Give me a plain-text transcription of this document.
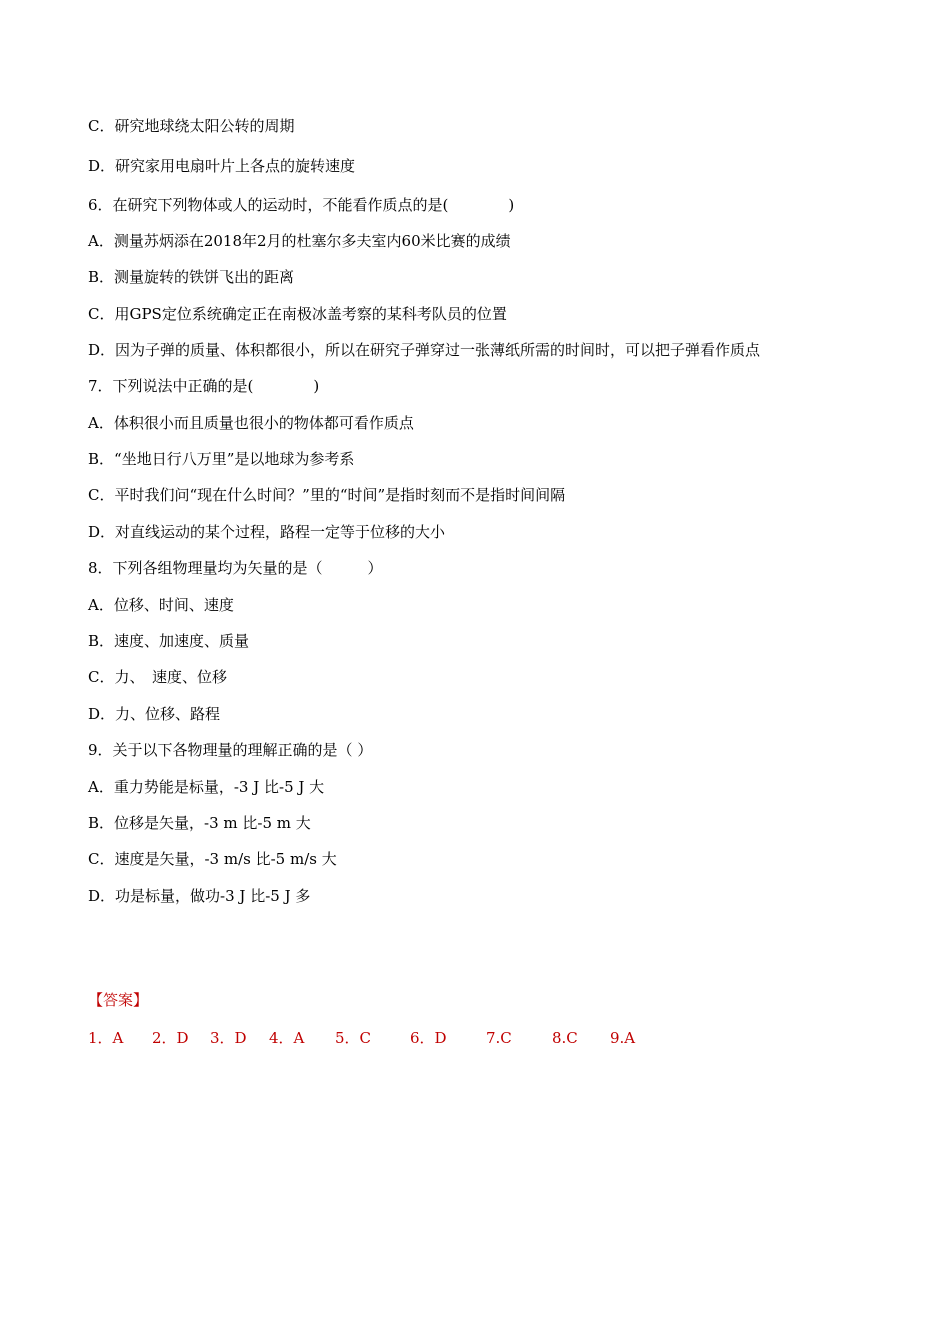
C．研究地球绕太阳公转的周期
D．研究家用电扇叶片上各点的旋转速度
6．在研究下列物体或人的运动时，不能看作质点的是(　　　　)
A．测量苏炳添在2018年2月的杜塞尔多夫室内60米比赛的成绩
B．测量旋转的铁饼飞出的距离
C．用GPS定位系统确定正在南极冰盖考察的某科考队员的位置
D．因为子弹的质量、体积都很小，所以在研究子弹穿过一张薄纸所需的时间时，可以把子弹看作质点
7．下列说法中正确的是(　　　　)
A．体积很小而且质量也很小的物体都可看作质点
B．“坐地日行八万里”是以地球为参考系
C．平时我们问“现在什么时间？”里的“时间”是指时刻而不是指时间间隔
D．对直线运动的某个过程，路程一定等于位移的大小
8．下列各组物理量均为矢量的是（　　　）
A．位移、时间、速度
B．速度、加速度、质量
C．力、　速度、位移
D．力、位移、路程
9．关于以下各物理量的理解正确的是（ ）
A．重力势能是标量，-3 J 比-5 J 大
B．位移是矢量，-3 m 比-5 m 大
C．速度是矢量，-3 m/s 比-5 m/s 大
D．功是标量，做功-3 J 比-5 J 多
【答案】
1．A 2．D 3．D 4．A 5．C	6．D	7.C	8.C 9.A
